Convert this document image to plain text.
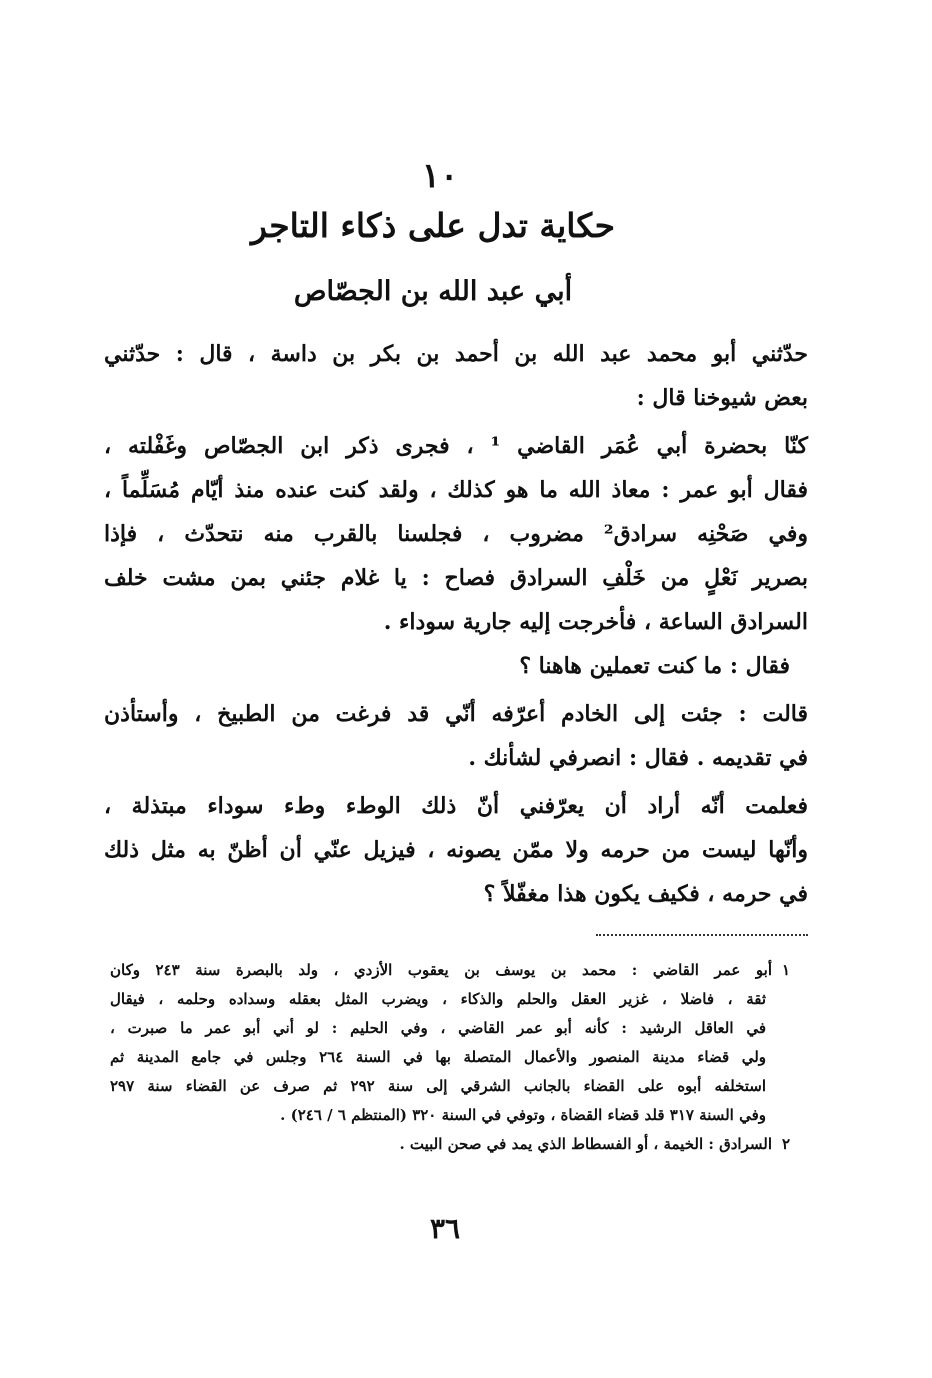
١٠
حكاية تدل على ذكاء التاجر
أبي عبد الله بن الجصّاص

حدّثني أبو محمد عبد الله بن أحمد بن بكر بن داسة ، قال : حدّثني
بعض شيوخنا قال :

كنّا بحضرة أبي عُمَر القاضي ¹ ، فجرى ذكر ابن الجصّاص وغَفْلته ،
فقال أبو عمر : معاذ الله ما هو كذلك ، ولقد كنت عنده منذ أيّام مُسَلِّماً ،
وفي صَحْنِه سرادق² مضروب ، فجلسنا بالقرب منه نتحدّث ، فإذا
بصرير نَعْلٍ من خَلْفِ السرادق فصاح : يا غلام جئني بمن مشت خلف
السرادق الساعة ، فأخرجت إليه جارية سوداء .

فقال : ما كنت تعملين هاهنا ؟

قالت : جئت إلى الخادم أعرّفه أنّي قد فرغت من الطبيخ ، وأستأذن
في تقديمه . فقال : انصرفي لشأنك .

فعلمت أنّه أراد أن يعرّفني أنّ ذلك الوطء وطء سوداء مبتذلة ،
وأنّها ليست من حرمه ولا ممّن يصونه ، فيزيل عنّي أن أظنّ به مثل ذلك
في حرمه ، فكيف يكون هذا مغفّلاً ؟

١أبو عمر القاضي : محمد بن يوسف بن يعقوب الأزدي ، ولد بالبصرة سنة ٢٤٣ وكان
ثقة ، فاضلا ، غزير العقل والحلم والذكاء ، ويضرب المثل بعقله وسداده وحلمه ، فيقال
في العاقل الرشيد : كأنه أبو عمر القاضي ، وفي الحليم : لو أني أبو عمر ما صبرت ،
ولي قضاء مدينة المنصور والأعمال المتصلة بها في السنة ٢٦٤ وجلس في جامع المدينة ثم
استخلفه أبوه على القضاء بالجانب الشرقي إلى سنة ٢٩٢ ثم صرف عن القضاء سنة ٢٩٧
وفي السنة ٣١٧ قلد قضاء القضاة ، وتوفي في السنة ٣٢٠ (المنتظم ٦ / ٢٤٦) .
٢السرادق : الخيمة ، أو الفسطاط الذي يمد في صحن البيت .
٣٦
